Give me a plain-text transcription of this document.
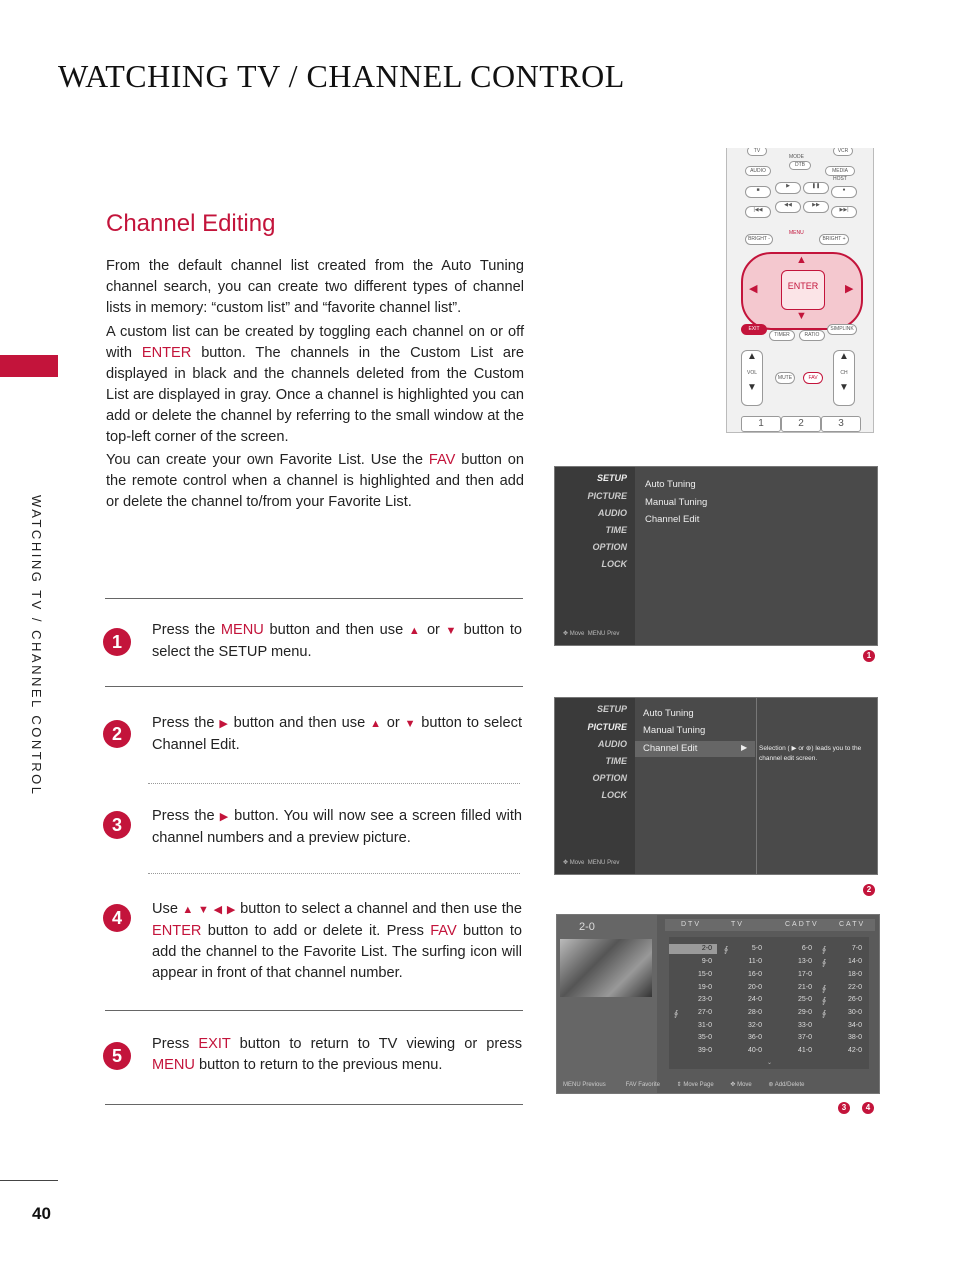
WATCHING TV / CHANNEL CONTROL
WATCHING TV / CHANNEL CONTROL
40
Channel Editing

From the default channel list created from the Auto Tuning channel search, you can create two different types of channel lists in memory: “custom list” and “favorite channel list”.

A custom list can be created by toggling each channel on or off with ENTER button. The channels in the Custom List are displayed in black and the channels deleted from the Custom List are displayed in gray. Once a channel is highlighted you can add or delete the channel by referring to the small window at the top-left corner of the screen.

You can create your own Favorite List. Use the FAV button on the remote control when a channel is highlighted and then add or delete the channel to/from your Favorite List.

1
Press the MENU button and then use ▲ or ▼ button to select the SETUP menu.
2
Press the ▶ button and then use ▲ or ▼ button to select Channel Edit.
3	Press the ▶ button. You will now see a screen filled with channel numbers and a preview picture.
4	Use ▲ ▼ ◀ ▶ button to select a channel and then use the ENTER button to add or delete it. Press FAV button to add the channel to the Favorite List. The surfing icon will appear in front of that channel number.
5
Press EXIT button to return to TV viewing or press MENU button to return to the previous menu.
TV	VCR
MODE
DTB
AUDIO	MEDIA HOST
■
▶	❚❚
●
|◀◀
◀◀	▶▶
▶▶|
MENU
BRIGHT -	BRIGHT +
▲
▼
◀	▶
ENTER
EXIT
TIMER	RATIO
SIMPLINK
▲
VOL
▼
MUTE	FAV
▲
CH
▼
1	2	3
SETUP
PICTURE
AUDIO
TIME
OPTION
LOCK
✥ Move MENU Prev
Auto Tuning
Manual Tuning
Channel Edit
1
SETUP
PICTURE
AUDIO
TIME
OPTION
LOCK
✥ Move MENU Prev
Auto Tuning
Manual Tuning
Channel Edit	▶ Selection ( ▶ or ⊛) leads you to the channel edit screen.
2
2-0	DTV	TV	CADTV	CATV
⌄
MENU Previous	FAV Favorite	⇕ Move Page	✥ Move	⊛ Add/Delete
2-0 ∮	5-0	6-0 ∮	7-0
9-0	11-0	13-0 ∮	14-0
15-0	16-0	17-0	18-0
19-0	20-0	21-0 ∮	22-0
23-0	24-0	25-0 ∮	26-0
∮	27-0	28-0	29-0 ∮	30-0
31-0	32-0	33-0	34-0
35-0	36-0	37-0	38-0
39-0	40-0	41-0	42-0
3	4
